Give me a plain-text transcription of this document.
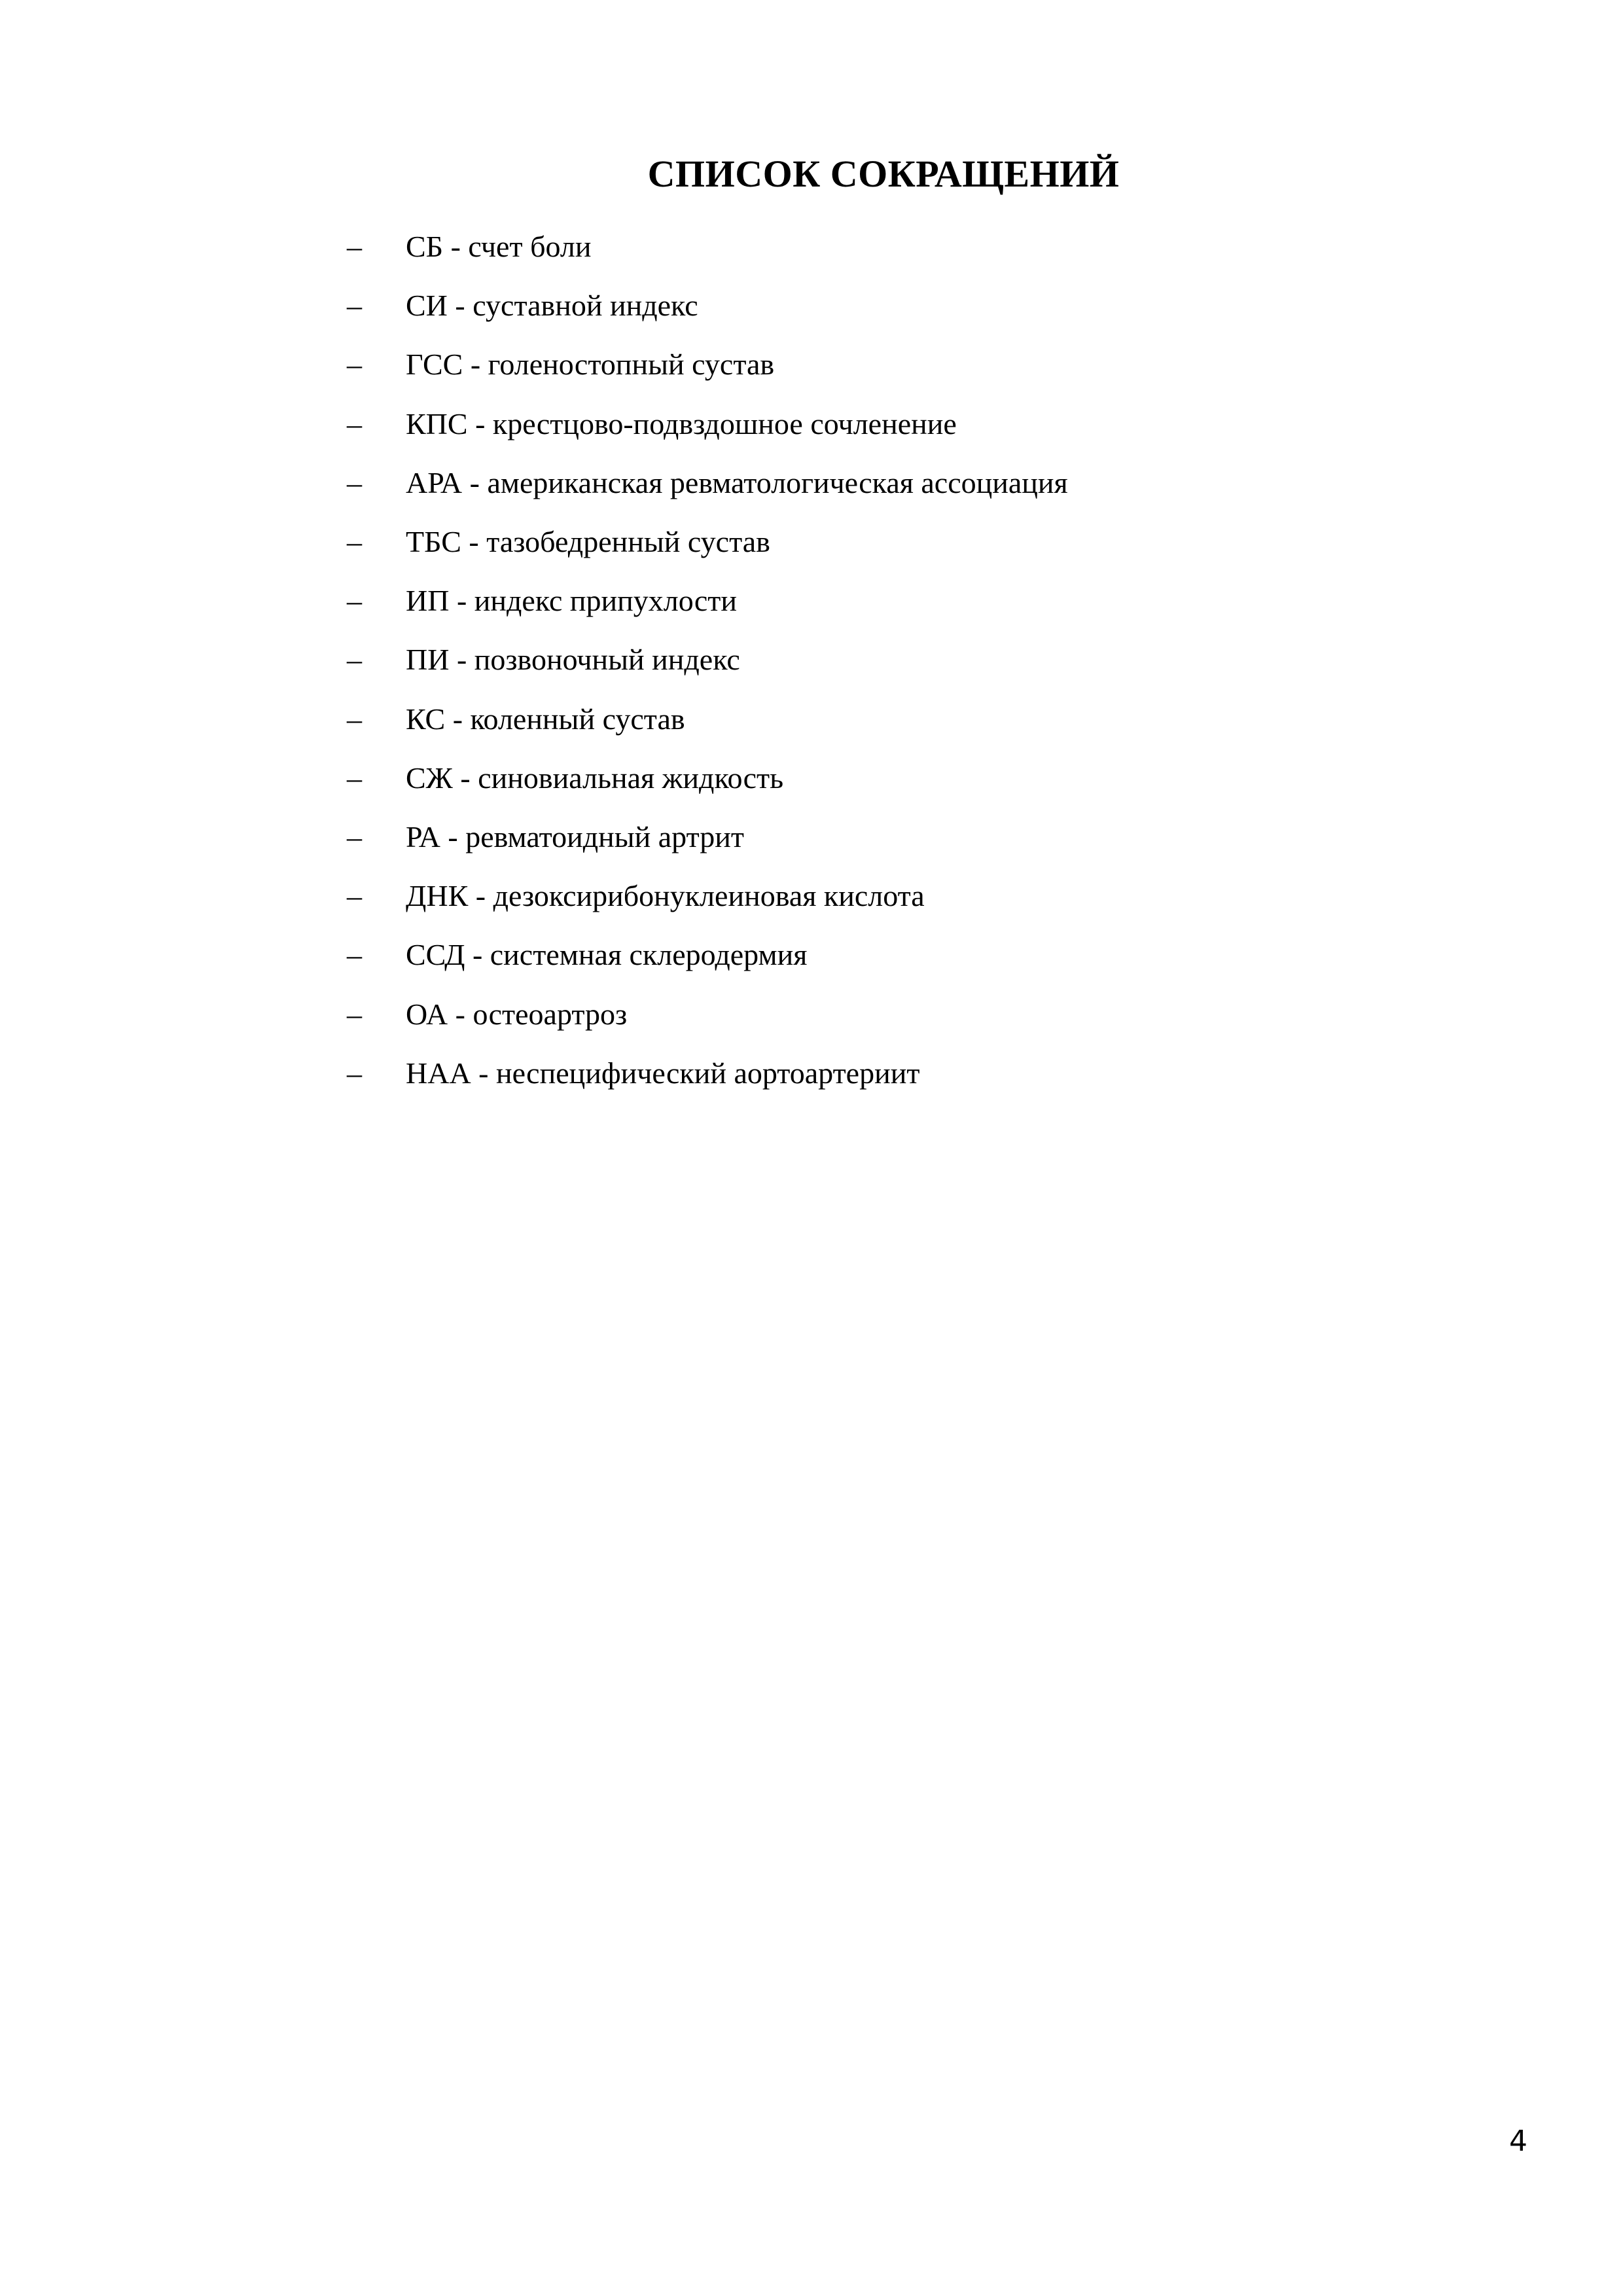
СПИСОК СОКРАЩЕНИЙ
– СБ - счет боли
– СИ - суставной индекс
– ГСС - голеностопный сустав
– КПС - крестцово-подвздошное сочленение
– АРА - американская ревматологическая ассоциация
– ТБС - тазобедренный сустав
– ИП - индекс припухлости
– ПИ - позвоночный индекс
– КС - коленный сустав
– СЖ - синовиальная жидкость
– РА - ревматоидный артрит
– ДНК - дезоксирибонуклеиновая кислота
– ССД - системная склеродермия
– ОА - остеоартроз
– НАА - неспецифический аортоартериит
4
